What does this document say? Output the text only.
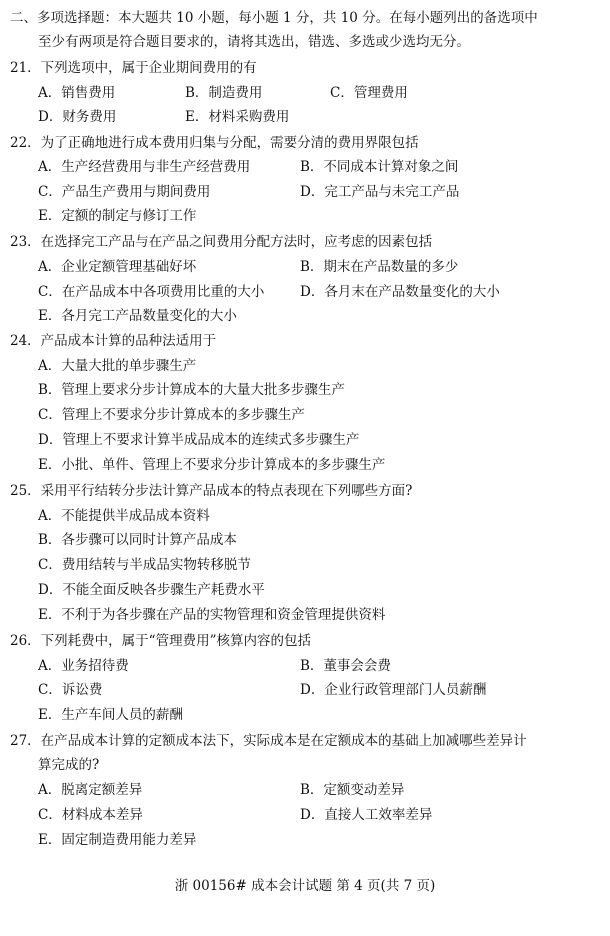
二、多项选择题：本大题共 10 小题，每小题 1 分，共 10 分。在每小题列出的备选项中
至少有两项是符合题目要求的，请将其选出，错选、多选或少选均无分。
21．下列选项中，属于企业期间费用的有
A．销售费用	B．制造费用	C．管理费用
D．财务费用	E．材料采购费用
22．为了正确地进行成本费用归集与分配，需要分清的费用界限包括
A．生产经营费用与非生产经营费用	B．不同成本计算对象之间
C．产品生产费用与期间费用	D．完工产品与未完工产品
E．定额的制定与修订工作
23．在选择完工产品与在产品之间费用分配方法时，应考虑的因素包括
A．企业定额管理基础好坏	B．期末在产品数量的多少
C．在产品成本中各项费用比重的大小	D．各月末在产品数量变化的大小
E．各月完工产品数量变化的大小
24．产品成本计算的品种法适用于
A．大量大批的单步骤生产
B．管理上要求分步计算成本的大量大批多步骤生产
C．管理上不要求分步计算成本的多步骤生产
D．管理上不要求计算半成品成本的连续式多步骤生产
E．小批、单件、管理上不要求分步计算成本的多步骤生产
25．采用平行结转分步法计算产品成本的特点表现在下列哪些方面?
A．不能提供半成品成本资料
B．各步骤可以同时计算产品成本
C．费用结转与半成品实物转移脱节
D．不能全面反映各步骤生产耗费水平
E．不利于为各步骤在产品的实物管理和资金管理提供资料
26．下列耗费中，属于“管理费用”核算内容的包括
A．业务招待费	B．董事会会费
C．诉讼费	D．企业行政管理部门人员薪酬
E．生产车间人员的薪酬
27．在产品成本计算的定额成本法下，实际成本是在定额成本的基础上加减哪些差异计
算完成的?
A．脱离定额差异	B．定额变动差异
C．材料成本差异	D．直接人工效率差异
E．固定制造费用能力差异
浙 00156# 成本会计试题 第 4 页(共 7 页)
